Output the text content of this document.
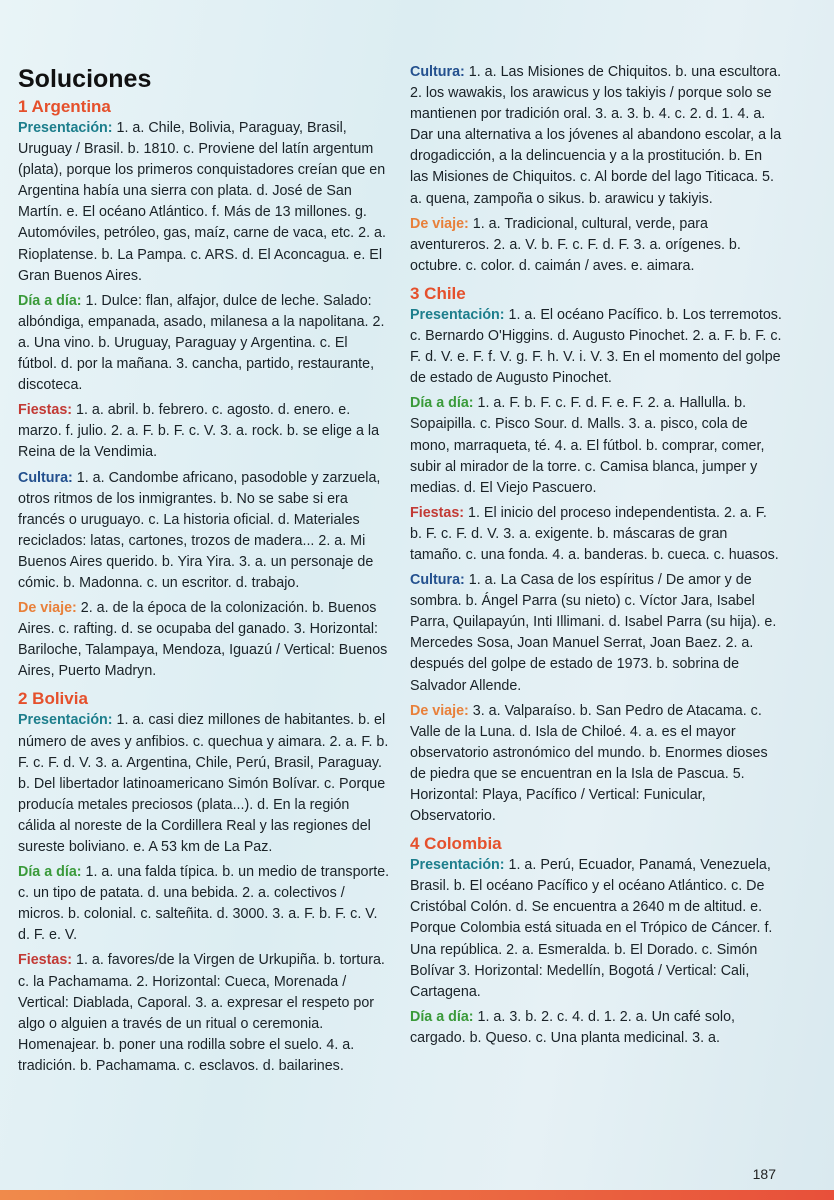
Soluciones
1 Argentina
Presentación: 1. a. Chile, Bolivia, Paraguay, Brasil, Uruguay / Brasil. b. 1810. c. Proviene del latín argentum (plata), porque los primeros conquistadores creían que en Argentina había una sierra con plata. d. José de San Martín. e. El océano Atlántico. f. Más de 13 millones. g. Automóviles, petróleo, gas, maíz, carne de vaca, etc. 2. a. Rioplatense. b. La Pampa. c. ARS. d. El Aconcagua. e. El Gran Buenos Aires.
Día a día: 1. Dulce: flan, alfajor, dulce de leche. Salado: albóndiga, empanada, asado, milanesa a la napolitana. 2. a. Una vino. b. Uruguay, Paraguay y Argentina. c. El fútbol. d. por la mañana. 3. cancha, partido, restaurante, discoteca.
Fiestas: 1. a. abril. b. febrero. c. agosto. d. enero. e. marzo. f. julio. 2. a. F. b. F. c. V. 3. a. rock. b. se elige a la Reina de la Vendimia.
Cultura: 1. a. Candombe africano, pasodoble y zarzuela, otros ritmos de los inmigrantes. b. No se sabe si era francés o uruguayo. c. La historia oficial. d. Materiales reciclados: latas, cartones, trozos de madera... 2. a. Mi Buenos Aires querido. b. Yira Yira. 3. a. un personaje de cómic. b. Madonna. c. un escritor. d. trabajo.
De viaje: 2. a. de la época de la colonización. b. Buenos Aires. c. rafting. d. se ocupaba del ganado. 3. Horizontal: Bariloche, Talampaya, Mendoza, Iguazú / Vertical: Buenos Aires, Puerto Madryn.
2 Bolivia
Presentación: 1. a. casi diez millones de habitantes. b. el número de aves y anfibios. c. quechua y aimara. 2. a. F. b. F. c. F. d. V. 3. a. Argentina, Chile, Perú, Brasil, Paraguay. b. Del libertador latinoamericano Simón Bolívar. c. Porque producía metales preciosos (plata...). d. En la región cálida al noreste de la Cordillera Real y las regiones del sureste boliviano. e. A 53 km de La Paz.
Día a día: 1. a. una falda típica. b. un medio de transporte. c. un tipo de patata. d. una bebida. 2. a. colectivos / micros. b. colonial. c. salteñita. d. 3000. 3. a. F. b. F. c. V. d. F. e. V.
Fiestas: 1. a. favores/de la Virgen de Urkupiña. b. tortura. c. la Pachamama. 2. Horizontal: Cueca, Morenada / Vertical: Diablada, Caporal. 3. a. expresar el respeto por algo o alguien a través de un ritual o ceremonia. Homenajear. b. poner una rodilla sobre el suelo. 4. a. tradición. b. Pachamama. c. esclavos. d. bailarines.
Cultura: 1. a. Las Misiones de Chiquitos. b. una escultora. 2. los wawakis, los arawicus y los takiyis / porque solo se mantienen por tradición oral. 3. a. 3. b. 4. c. 2. d. 1. 4. a. Dar una alternativa a los jóvenes al abandono escolar, a la drogadicción, a la delincuencia y a la prostitución. b. En las Misiones de Chiquitos. c. Al borde del lago Titicaca. 5. a. quena, zampoña o sikus. b. arawicu y takiyis.
De viaje: 1. a. Tradicional, cultural, verde, para aventureros. 2. a. V. b. F. c. F. d. F. 3. a. orígenes. b. octubre. c. color. d. caimán / aves. e. aimara.
3 Chile
Presentación: 1. a. El océano Pacífico. b. Los terremotos. c. Bernardo O'Higgins. d. Augusto Pinochet. 2. a. F. b. F. c. F. d. V. e. F. f. V. g. F. h. V. i. V. 3. En el momento del golpe de estado de Augusto Pinochet.
Día a día: 1. a. F. b. F. c. F. d. F. e. F. 2. a. Hallulla. b. Sopaipilla. c. Pisco Sour. d. Malls. 3. a. pisco, cola de mono, marraqueta, té. 4. a. El fútbol. b. comprar, comer, subir al mirador de la torre. c. Camisa blanca, jumper y medias. d. El Viejo Pascuero.
Fiestas: 1. El inicio del proceso independentista. 2. a. F. b. F. c. F. d. V. 3. a. exigente. b. máscaras de gran tamaño. c. una fonda. 4. a. banderas. b. cueca. c. huasos.
Cultura: 1. a. La Casa de los espíritus / De amor y de sombra. b. Ángel Parra (su nieto) c. Víctor Jara, Isabel Parra, Quilapayún, Inti Illimani. d. Isabel Parra (su hija). e. Mercedes Sosa, Joan Manuel Serrat, Joan Baez. 2. a. después del golpe de estado de 1973. b. sobrina de Salvador Allende.
De viaje: 3. a. Valparaíso. b. San Pedro de Atacama. c. Valle de la Luna. d. Isla de Chiloé. 4. a. es el mayor observatorio astronómico del mundo. b. Enormes dioses de piedra que se encuentran en la Isla de Pascua. 5. Horizontal: Playa, Pacífico / Vertical: Funicular, Observatorio.
4 Colombia
Presentación: 1. a. Perú, Ecuador, Panamá, Venezuela, Brasil. b. El océano Pacífico y el océano Atlántico. c. De Cristóbal Colón. d. Se encuentra a 2640 m de altitud. e. Porque Colombia está situada en el Trópico de Cáncer. f. Una república. 2. a. Esmeralda. b. El Dorado. c. Simón Bolívar 3. Horizontal: Medellín, Bogotá / Vertical: Cali, Cartagena.
Día a día: 1. a. 3. b. 2. c. 4. d. 1. 2. a. Un café solo, cargado. b. Queso. c. Una planta medicinal. 3. a.
187
